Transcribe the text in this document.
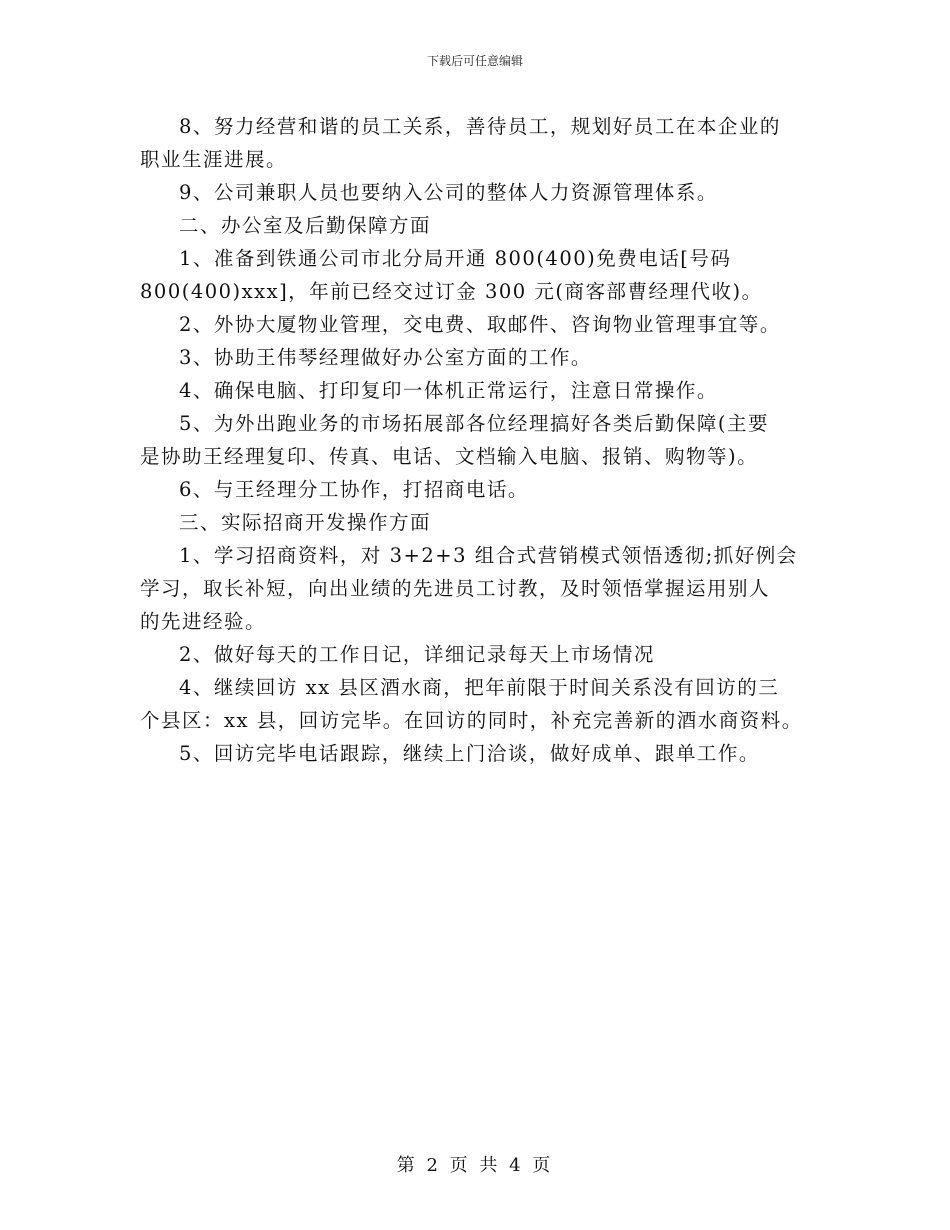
下载后可任意编辑
8、努力经营和谐的员工关系，善待员工，规划好员工在本企业的
职业生涯进展。
9、公司兼职人员也要纳入公司的整体人力资源管理体系。
二、办公室及后勤保障方面
1、准备到铁通公司市北分局开通 800(400)免费电话[号码
800(400)xxx]，年前已经交过订金 300 元(商客部曹经理代收)。
2、外协大厦物业管理，交电费、取邮件、咨询物业管理事宜等。
3、协助王伟琴经理做好办公室方面的工作。
4、确保电脑、打印复印一体机正常运行，注意日常操作。
5、为外出跑业务的市场拓展部各位经理搞好各类后勤保障(主要
是协助王经理复印、传真、电话、文档输入电脑、报销、购物等)。
6、与王经理分工协作，打招商电话。
三、实际招商开发操作方面
1、学习招商资料，对 3+2+3 组合式营销模式领悟透彻;抓好例会
学习，取长补短，向出业绩的先进员工讨教，及时领悟掌握运用别人
的先进经验。
2、做好每天的工作日记，详细记录每天上市场情况
4、继续回访 xx 县区酒水商，把年前限于时间关系没有回访的三
个县区：xx 县，回访完毕。在回访的同时，补充完善新的酒水商资料。
5、回访完毕电话跟踪，继续上门洽谈，做好成单、跟单工作。
第 2 页 共 4 页
